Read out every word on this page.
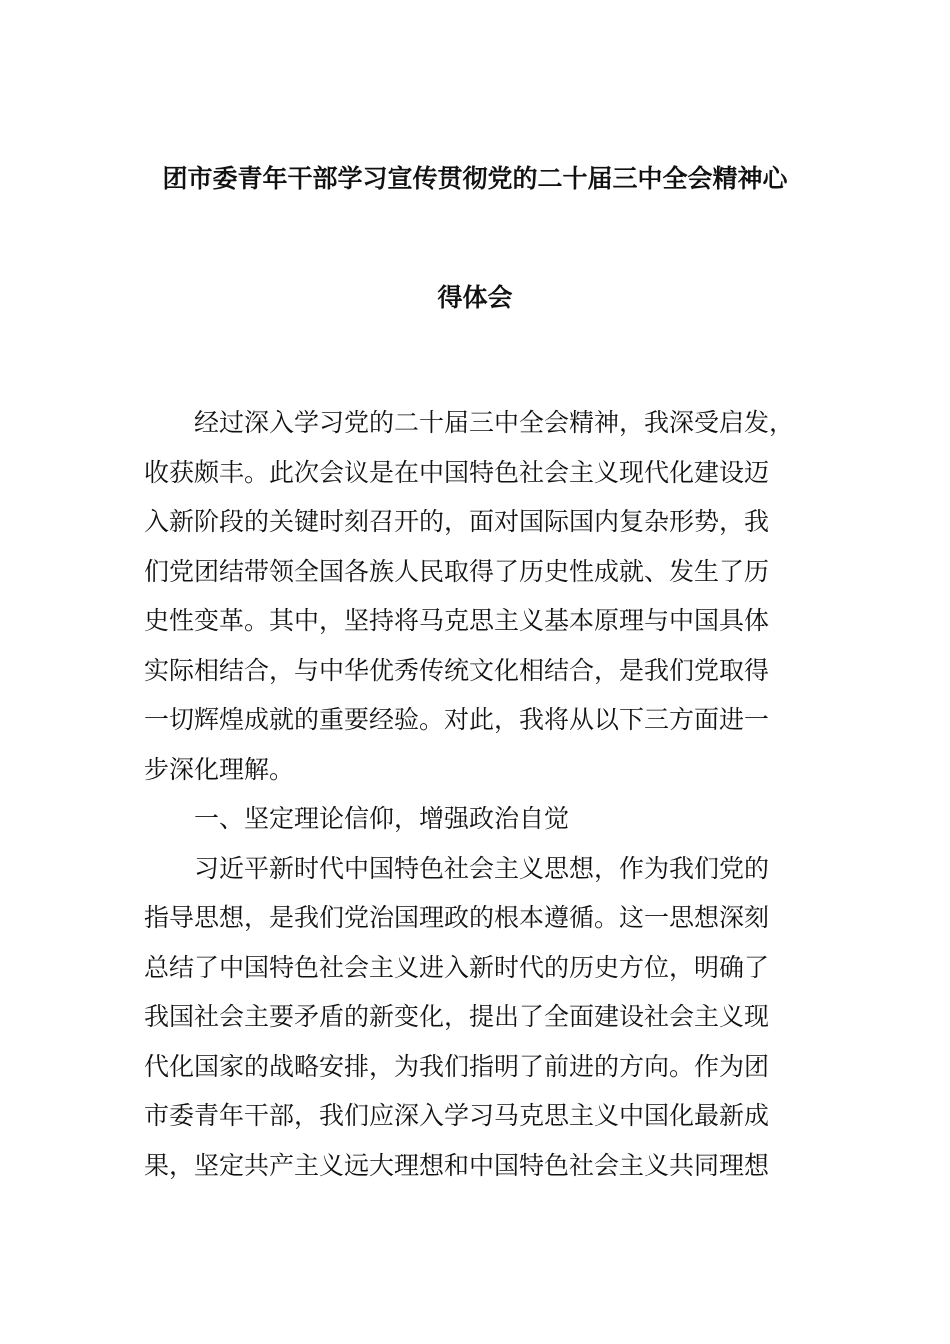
团市委青年干部学习宣传贯彻党的二十届三中全会精神心
得体会
经过深入学习党的二十届三中全会精神，我深受启发，
收获颇丰。此次会议是在中国特色社会主义现代化建设迈
入新阶段的关键时刻召开的，面对国际国内复杂形势，我
们党团结带领全国各族人民取得了历史性成就、发生了历
史性变革。其中，坚持将马克思主义基本原理与中国具体
实际相结合，与中华优秀传统文化相结合，是我们党取得
一切辉煌成就的重要经验。对此，我将从以下三方面进一
步深化理解。
一、坚定理论信仰，增强政治自觉
习近平新时代中国特色社会主义思想，作为我们党的
指导思想，是我们党治国理政的根本遵循。这一思想深刻
总结了中国特色社会主义进入新时代的历史方位，明确了
我国社会主要矛盾的新变化，提出了全面建设社会主义现
代化国家的战略安排，为我们指明了前进的方向。作为团
市委青年干部，我们应深入学习马克思主义中国化最新成
果，坚定共产主义远大理想和中国特色社会主义共同理想
